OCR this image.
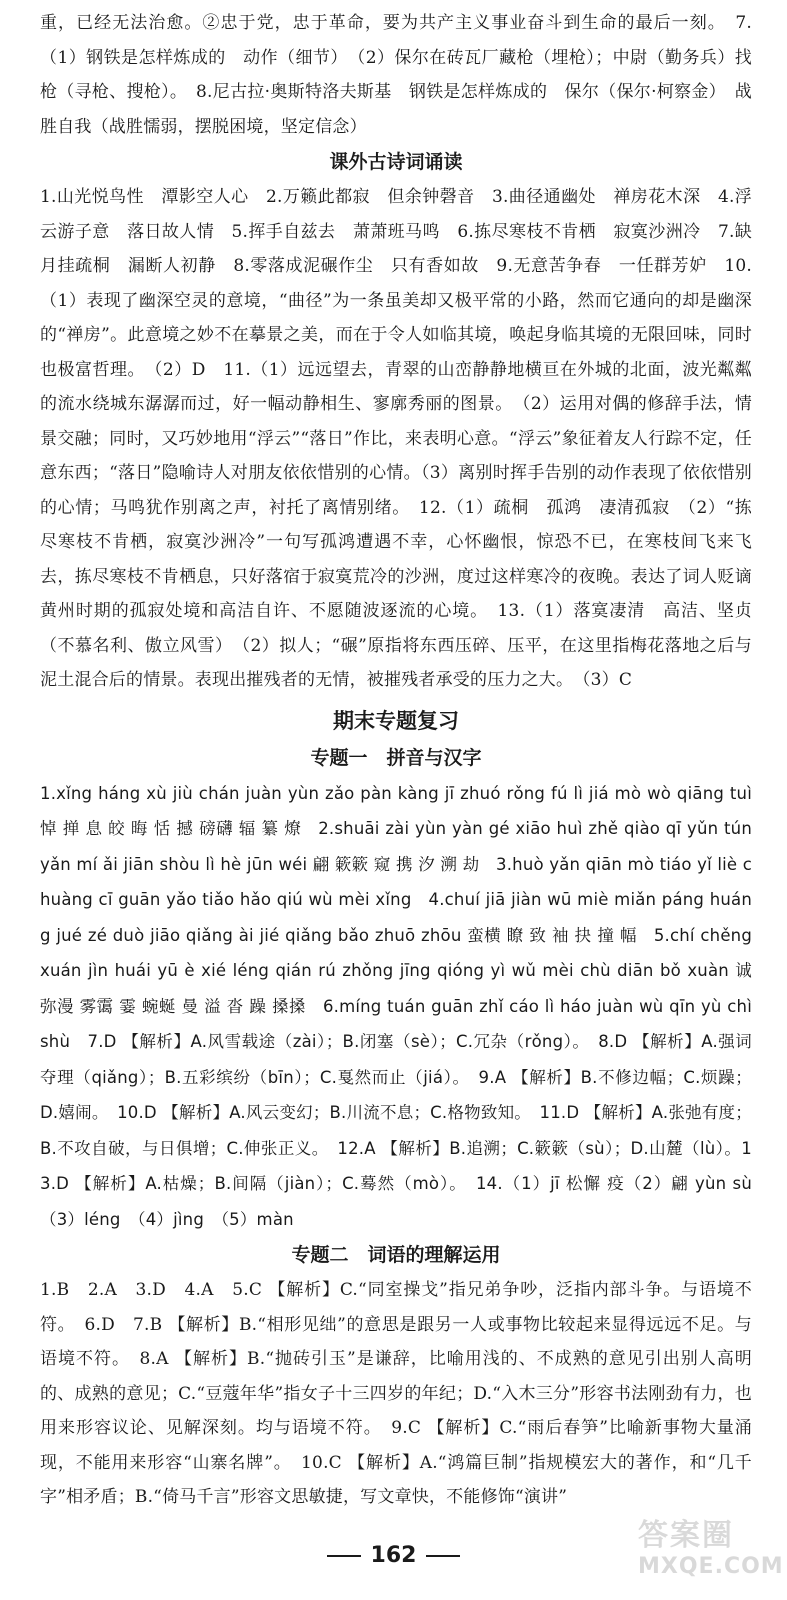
重，已经无法治愈。②忠于党，忠于革命，要为共产主义事业奋斗到生命的最后一刻。　7.（1）钢铁是怎样炼成的　动作（细节）　（2）保尔在砖瓦厂藏枪（埋枪）；中尉（勤务兵）找枪（寻枪、搜枪）。　8.尼古拉·奥斯特洛夫斯基　钢铁是怎样炼成的　保尔（保尔·柯察金）　战胜自我（战胜懦弱，摆脱困境，坚定信念）

课外古诗词诵读

1.山光悦鸟性　潭影空人心　2.万籁此都寂　但余钟磬音　3.曲径通幽处　禅房花木深　4.浮云游子意　落日故人情　5.挥手自兹去　萧萧班马鸣　6.拣尽寒枝不肯栖　寂寞沙洲冷　7.缺月挂疏桐　漏断人初静　8.零落成泥碾作尘　只有香如故　9.无意苦争春　一任群芳妒　10.（1）表现了幽深空灵的意境，“曲径”为一条虽美却又极平常的小路，然而它通向的却是幽深的“禅房”。此意境之妙不在摹景之美，而在于令人如临其境，唤起身临其境的无限回味，同时也极富哲理。　（2）D　11.（1）远远望去，青翠的山峦静静地横亘在外城的北面，波光粼粼的流水绕城东潺潺而过，好一幅动静相生、寥廓秀丽的图景。　（2）运用对偶的修辞手法，情景交融；同时，又巧妙地用“浮云”“落日”作比，来表明心意。“浮云”象征着友人行踪不定，任意东西；“落日”隐喻诗人对朋友依依惜别的心情。（3）离别时挥手告别的动作表现了依依惜别的心情；马鸣犹作别离之声，衬托了离情别绪。　12.（1）疏桐　孤鸿　凄清孤寂　（2）“拣尽寒枝不肯栖，寂寞沙洲冷”一句写孤鸿遭遇不幸，心怀幽恨，惊恐不已，在寒枝间飞来飞去，拣尽寒枝不肯栖息，只好落宿于寂寞荒冷的沙洲，度过这样寒冷的夜晚。表达了词人贬谪黄州时期的孤寂处境和高洁自许、不愿随波逐流的心境。　13.（1）落寞凄清　高洁、坚贞（不慕名利、傲立风雪）　（2）拟人；“碾”原指将东西压碎、压平，在这里指梅花落地之后与泥土混合后的情景。表现出摧残者的无情，被摧残者承受的压力之大。　（3）C

期末专题复习

专题一　拼音与汉字

1.xǐng háng xù jiù chán juàn yùn zǎo pàn kàng jī zhuó rǒng fú lì jiá mò wò qiāng tuì 悼 掸 息 皎 晦 恬 撼 磅礴 辐 纂 燎　2.shuāi zài yùn yàn gé xiāo huì zhě qiào qī yǔn tún yǎn mí ǎi jiān shòu lì hè jūn wéi 翩 簌簌 窥 携 汐 溯 劫　3.huò yǎn qiān mò tiáo yǐ liè chuàng cī guān yǎo tiǎo hǎo qiú wù mèi xǐng　4.chuí jiā jiàn wū miè miǎn páng huáng jué zé duò jiāo qiǎng ài jié qiǎng bǎo zhuō zhōu 蛮横 瞭 致 袖 抉 撞 幅　5.chí chěng xuán jìn huái yū è xié léng qián rú zhǒng jīng qióng yì wǔ mèi chù diān bǒ xuàn 诚 弥漫 雾霭 霎 蜿蜒 曼 溢 沓 躁 搡搡　6.míng tuán guān zhǐ cáo lì háo juàn wù qīn yù chì shù　7.D 【解析】A.风雪载途（zài）；B.闭塞（sè）；C.冗杂（rǒng）。　8.D 【解析】A.强词夺理（qiǎng）；B.五彩缤纷（bīn）；C.戛然而止（jiá）。　9.A 【解析】B.不修边幅；C.烦躁；D.嬉闹。　10.D 【解析】A.风云变幻；B.川流不息；C.格物致知。　11.D 【解析】A.张弛有度；B.不攻自破，与日俱增；C.伸张正义。　12.A 【解析】B.追溯；C.簌簌（sù）；D.山麓（lù）。13.D 【解析】A.枯燥；B.间隔（jiàn）；C.蓦然（mò）。　14.（1）jī 松懈 疫（2）翩 yùn sù　（3）léng　（4）jìng　（5）màn

专题二　词语的理解运用

1.B　2.A　3.D　4.A　5.C 【解析】C.“同室操戈”指兄弟争吵，泛指内部斗争。与语境不符。　6.D　7.B 【解析】B.“相形见绌”的意思是跟另一人或事物比较起来显得远远不足。与语境不符。　8.A 【解析】B.“抛砖引玉”是谦辞，比喻用浅的、不成熟的意见引出别人高明的、成熟的意见；C.“豆蔻年华”指女子十三四岁的年纪；D.“入木三分”形容书法刚劲有力，也用来形容议论、见解深刻。均与语境不符。　9.C 【解析】C.“雨后春笋”比喻新事物大量涌现，不能用来形容“山寨名牌”。　10.C 【解析】A.“鸿篇巨制”指规模宏大的著作，和“几千字”相矛盾；B.“倚马千言”形容文思敏捷，写文章快，不能修饰“演讲”

162
答案圈
MXQE.COM
